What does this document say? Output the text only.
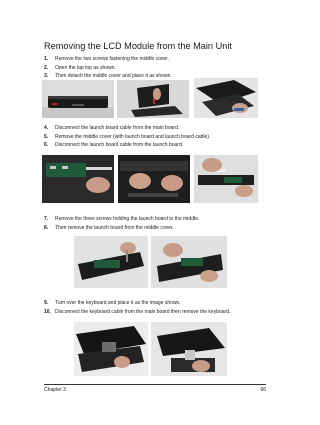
Removing the LCD Module from the Main Unit
1. Remove the two screws fastening the middle cover.
2. Open the lap top as shown.
3. Then detach the middle cover and place it as shown.
4. Disconnect the launch board cable from the main board.
5. Remove the middle cover (with launch board and launch board cable).
6. Disconnect the launch board cable from the launch board.
7. Remove the three screws holding the launch board to the middle.
8. Then remove the launch board from the middle cover.
9. Turn over the keyboard and place it as the image shows.
10. Disconnect the keyboard cable from the main board then remove the keyboard.
Chapter 3	66
